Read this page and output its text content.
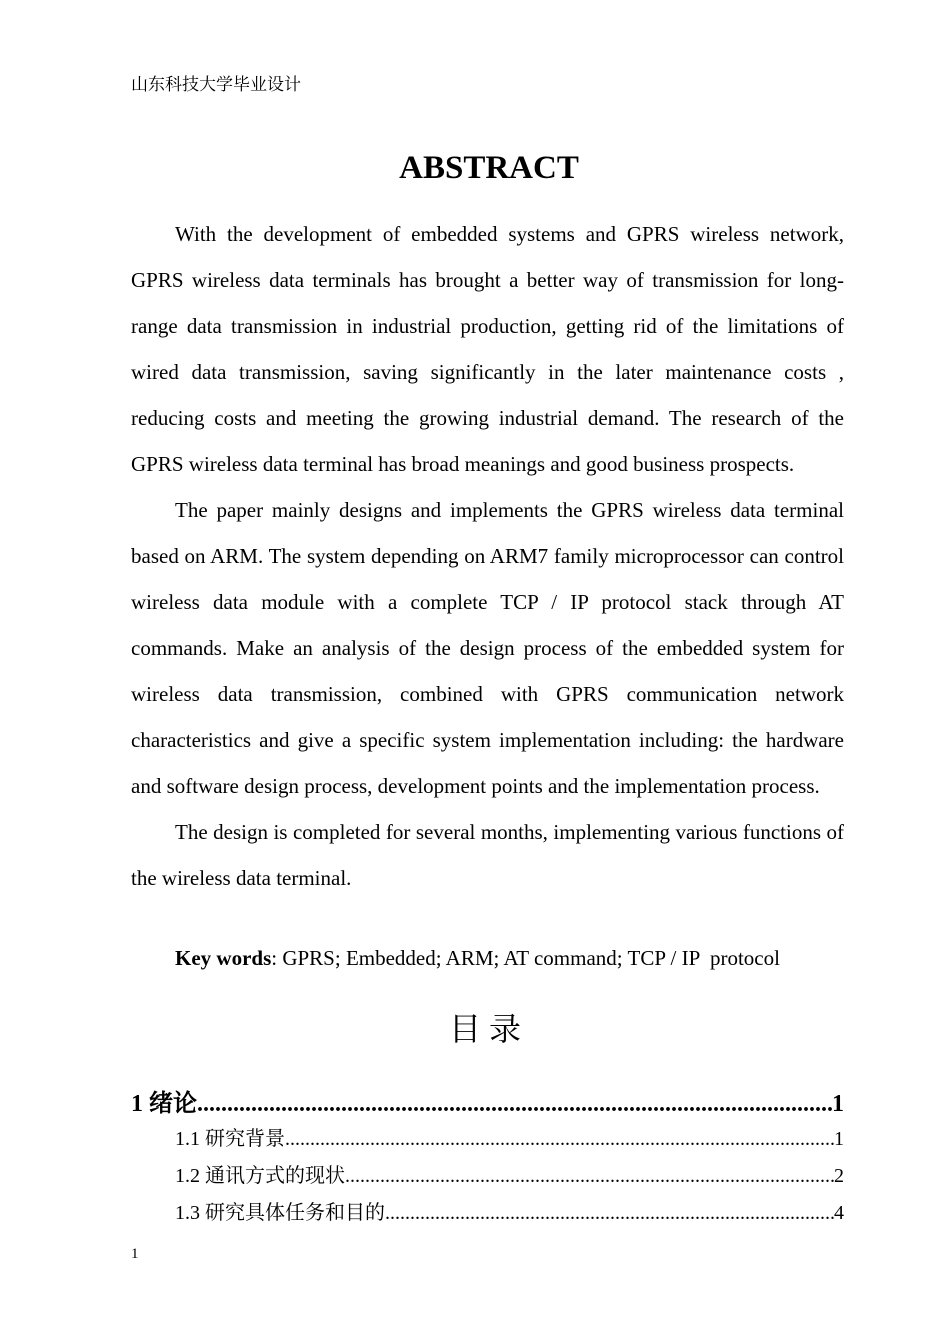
山东科技大学毕业设计
ABSTRACT

With the development of embedded systems and GPRS wireless network, GPRS wireless data terminals has brought a better way of transmission for long-range data transmission in industrial production, getting rid of the limitations of wired data transmission, saving significantly in the later maintenance costs , reducing costs and meeting the growing industrial demand. The research of the GPRS wireless data terminal has broad meanings and good business prospects.

The paper mainly designs and implements the GPRS wireless data terminal based on ARM. The system depending on ARM7 family microprocessor can control wireless data module with a complete TCP / IP protocol stack through AT commands. Make an analysis of the design process of the embedded system for wireless data transmission, combined with GPRS communication network characteristics and give a specific system implementation including: the hardware and software design process, development points and the implementation process.

The design is completed for several months, implementing various functions of the wireless data terminal.

Key words: GPRS; Embedded; ARM; AT command; TCP / IP  protocol
目录
1 绪论 .....	1
1.1 研究背景 .....	1
1.2 通讯方式的现状 .....	2
1.3 研究具体任务和目的 .....	4
1
